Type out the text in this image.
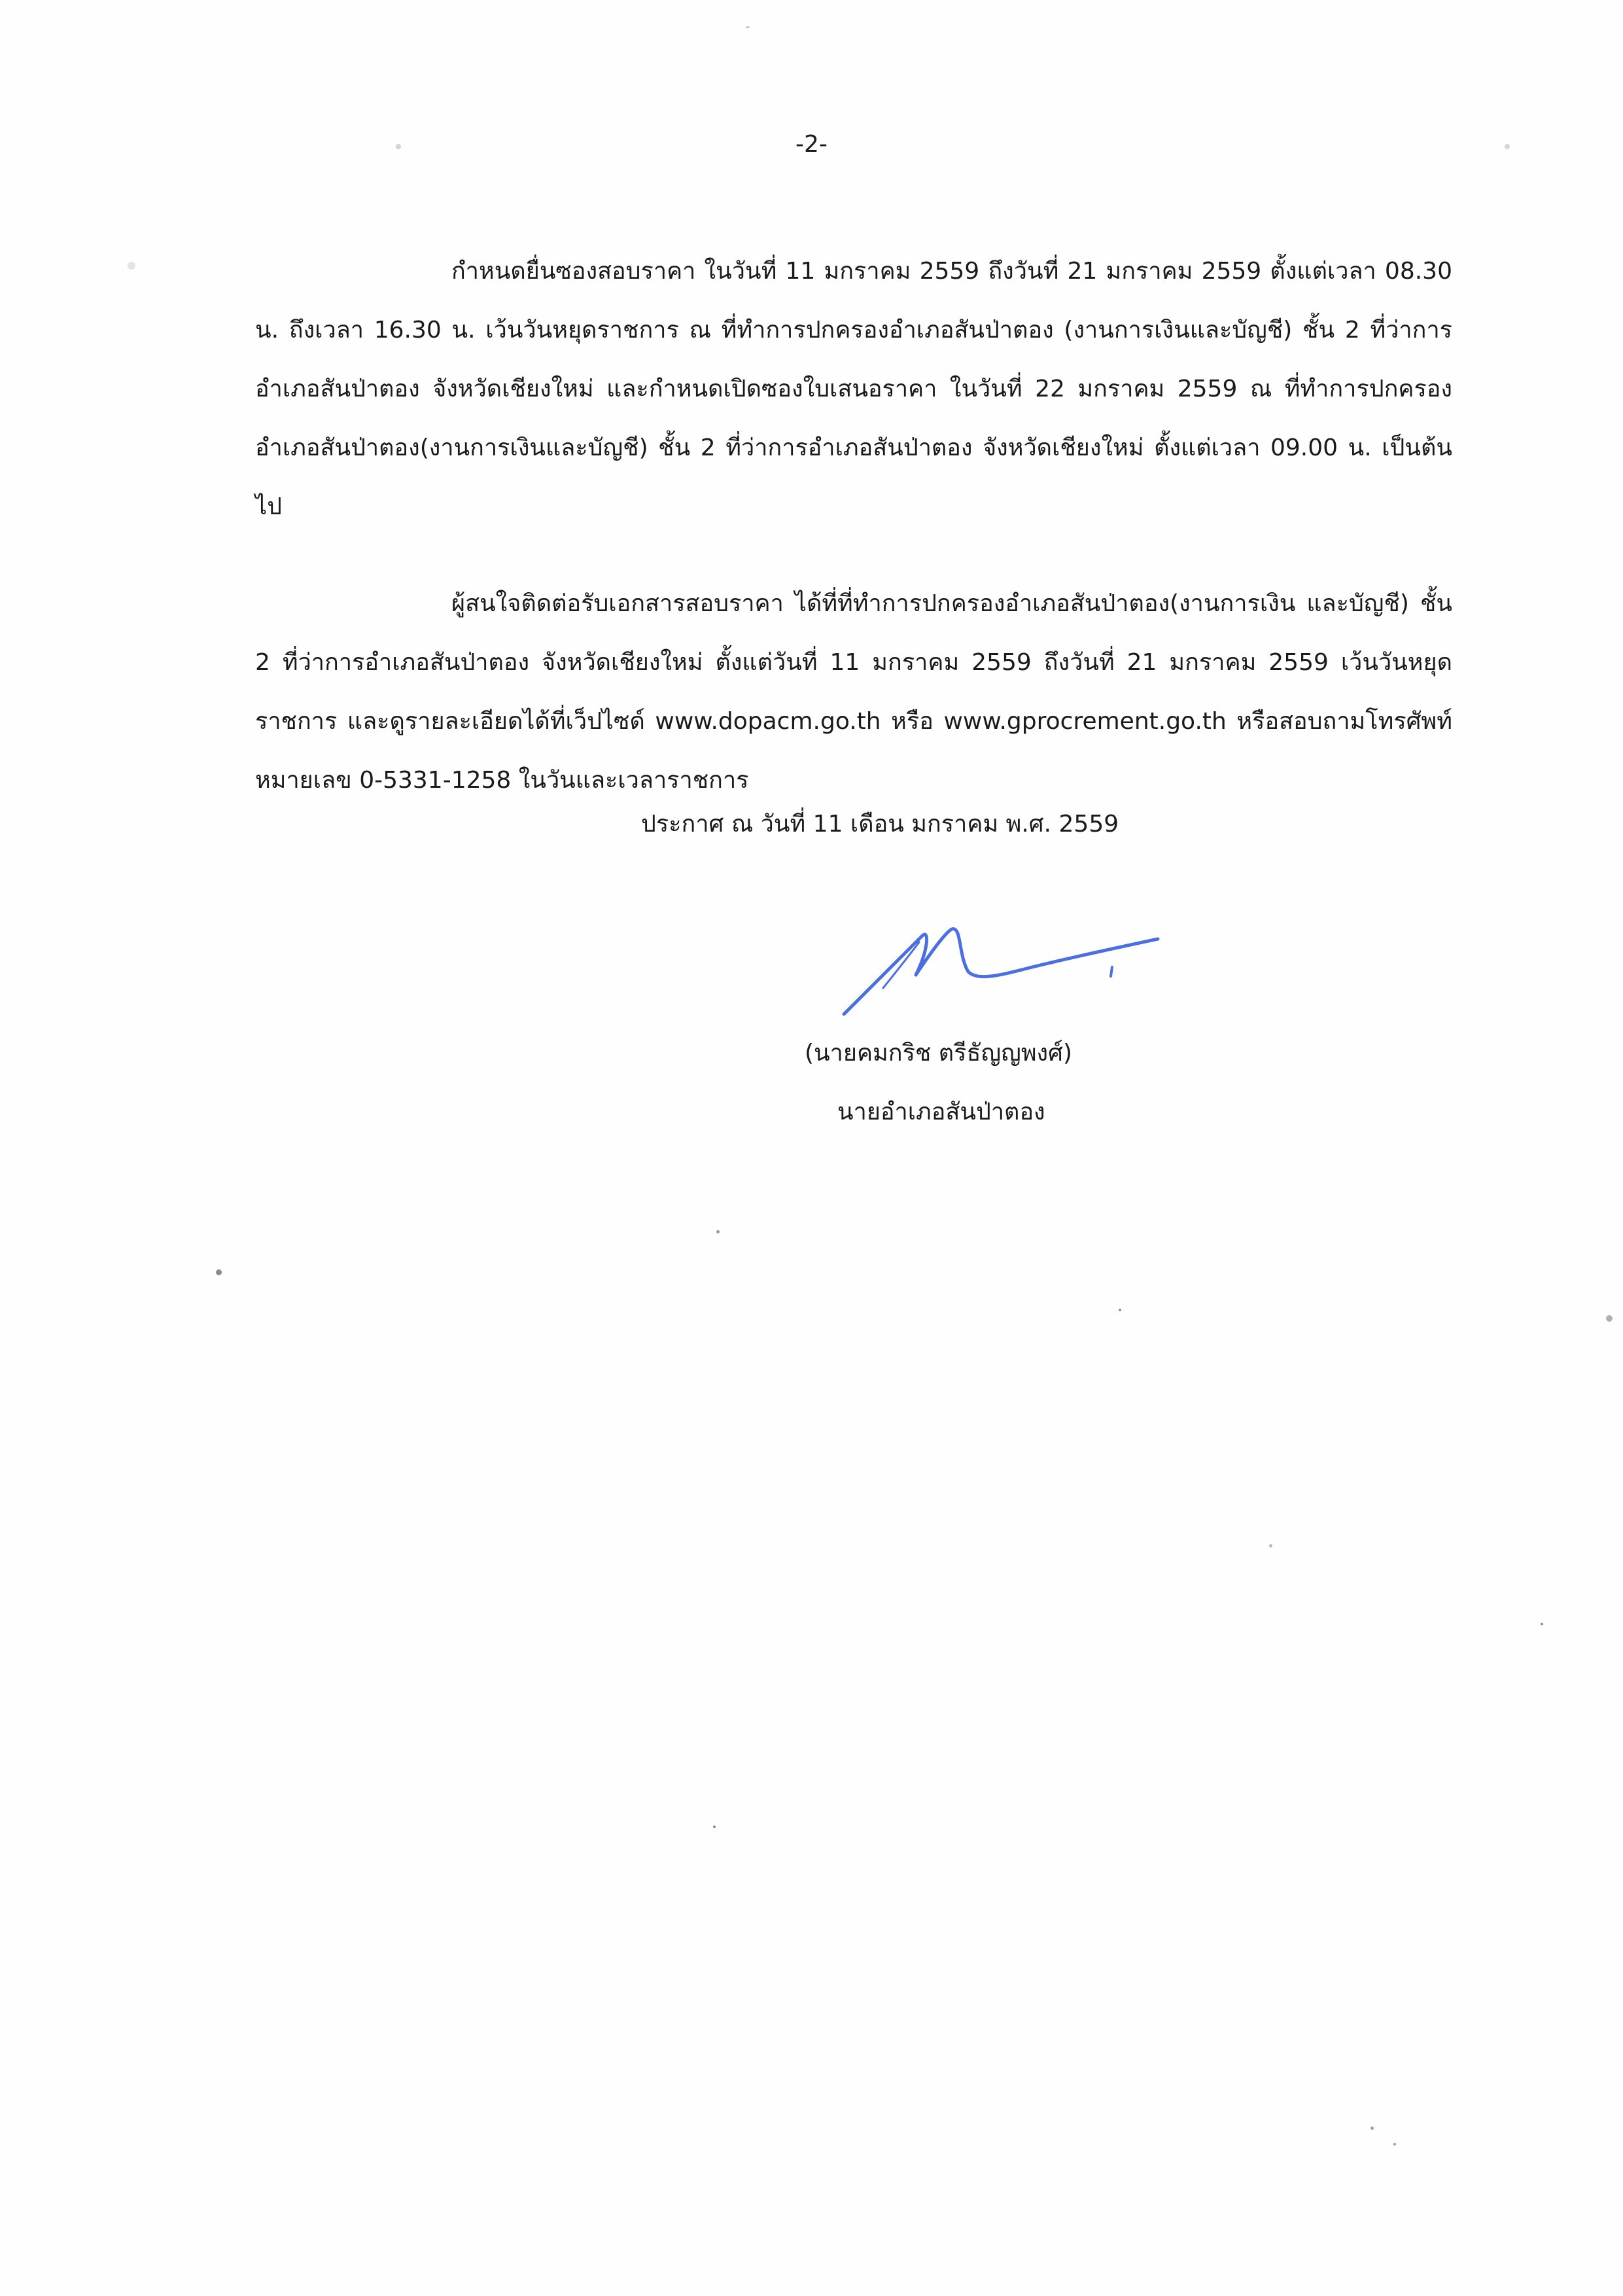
-2-

กำหนดยื่นซองสอบราคา ในวันที่ 11 มกราคม 2559 ถึงวันที่ 21 มกราคม 2559 ตั้งแต่เวลา 08.30 น. ถึงเวลา 16.30 น. เว้นวันหยุดราชการ ณ ที่ทำการปกครองอำเภอสันป่าตอง (งานการเงินและบัญชี) ชั้น 2 ที่ว่าการอำเภอสันป่าตอง จังหวัดเชียงใหม่ และกำหนดเปิดซองใบเสนอราคา ในวันที่ 22 มกราคม 2559 ณ ที่ทำการปกครองอำเภอสันป่าตอง(งานการเงินและบัญชี) ชั้น 2 ที่ว่าการอำเภอสันป่าตอง จังหวัดเชียงใหม่ ตั้งแต่เวลา 09.00 น. เป็นต้นไป

ผู้สนใจติดต่อรับเอกสารสอบราคา ได้ที่ที่ทำการปกครองอำเภอสันป่าตอง(งานการเงิน และบัญชี) ชั้น 2 ที่ว่าการอำเภอสันป่าตอง จังหวัดเชียงใหม่ ตั้งแต่วันที่ 11 มกราคม 2559 ถึงวันที่ 21 มกราคม 2559 เว้นวันหยุดราชการ และดูรายละเอียดได้ที่เว็ปไซด์ www.dopacm.go.th หรือ www.gprocrement.go.th หรือสอบถามโทรศัพท์หมายเลข 0-5331-1258 ในวันและเวลาราชการ

ประกาศ ณ วันที่ 11 เดือน มกราคม พ.ศ. 2559
(นายคมกริช ตรีธัญญพงศ์)
นายอำเภอสันป่าตอง
